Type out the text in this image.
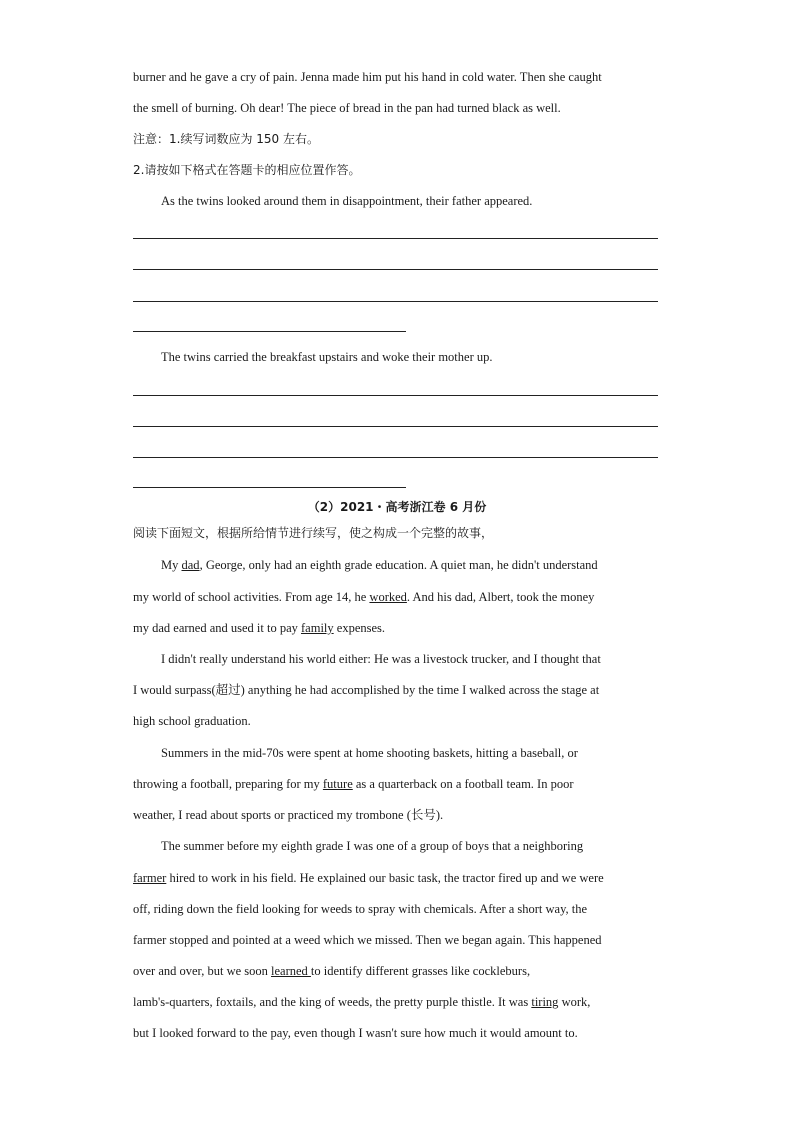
burner and he gave a cry of pain. Jenna made him put his hand in cold water. Then she caught
the smell of burning. Oh dear! The piece of bread in the pan had turned black as well.
注意：1.续写词数应为 150 左右。
2.请按如下格式在答题卡的相应位置作答。
As the twins looked around them in disappointment, their father appeared.
The twins carried the breakfast upstairs and woke their mother up.
（2）2021・高考浙江卷 6 月份
阅读下面短文，根据所给情节进行续写，使之构成一个完整的故事，
My dad, George, only had an eighth grade education. A quiet man, he didn't understand
my world of school activities. From age 14, he worked. And his dad, Albert, took the money
my dad earned and used it to pay family expenses.
I didn't really understand his world either: He was a livestock trucker, and I thought that
I would surpass(超过) anything he had accomplished by the time I walked across the stage at
high school graduation.
Summers in the mid-70s were spent at home shooting baskets, hitting a baseball, or
throwing a football, preparing for my future as a quarterback on a football team. In poor
weather, I read about sports or practiced my trombone (长号).
The summer before my eighth grade I was one of a group of boys that a neighboring
farmer hired to work in his field. He explained our basic task, the tractor fired up and we were
off, riding down the field looking for weeds to spray with chemicals. After a short way, the
farmer stopped and pointed at a weed which we missed. Then we began again. This happened
over and over, but we soon learned to identify different grasses like cockleburs,
lamb's-quarters, foxtails, and the king of weeds, the pretty purple thistle. It was tiring work,
but I looked forward to the pay, even though I wasn't sure how much it would amount to.
